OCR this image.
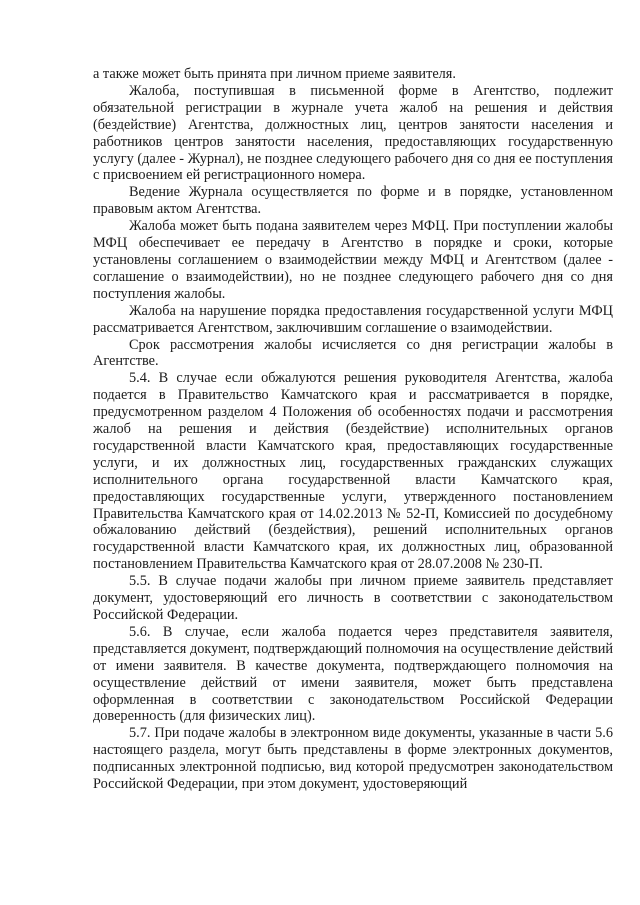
а также может быть принята при личном приеме заявителя.

Жалоба, поступившая в письменной форме в Агентство, подлежит обязательной регистрации в журнале учета жалоб на решения и действия (бездействие) Агентства, должностных лиц, центров занятости населения и работников центров занятости населения, предоставляющих государственную услугу (далее - Журнал), не позднее следующего рабочего дня со дня ее поступления с присвоением ей регистрационного номера.

Ведение Журнала осуществляется по форме и в порядке, установленном правовым актом Агентства.

Жалоба может быть подана заявителем через МФЦ. При поступлении жалобы МФЦ обеспечивает ее передачу в Агентство в порядке и сроки, которые установлены соглашением о взаимодействии между МФЦ и Агентством (далее - соглашение о взаимодействии), но не позднее следующего рабочего дня со дня поступления жалобы.

Жалоба на нарушение порядка предоставления государственной услуги МФЦ рассматривается Агентством, заключившим соглашение о взаимодействии.

Срок рассмотрения жалобы исчисляется со дня регистрации жалобы в Агентстве.

5.4. В случае если обжалуются решения руководителя Агентства, жалоба подается в Правительство Камчатского края и рассматривается в порядке, предусмотренном разделом 4 Положения об особенностях подачи и рассмотрения жалоб на решения и действия (бездействие) исполнительных органов государственной власти Камчатского края, предоставляющих государственные услуги, и их должностных лиц, государственных гражданских служащих исполнительного органа государственной власти Камчатского края, предоставляющих государственные услуги, утвержденного постановлением Правительства Камчатского края от 14.02.2013 № 52-П, Комиссией по досудебному обжалованию действий (бездействия), решений исполнительных органов государственной власти Камчатского края, их должностных лиц, образованной постановлением Правительства Камчатского края от 28.07.2008 № 230-П.

5.5. В случае подачи жалобы при личном приеме заявитель представляет документ, удостоверяющий его личность в соответствии с законодательством Российской Федерации.

5.6. В случае, если жалоба подается через представителя заявителя, представляется документ, подтверждающий полномочия на осуществление действий от имени заявителя. В качестве документа, подтверждающего полномочия на осуществление действий от имени заявителя, может быть представлена оформленная в соответствии с законодательством Российской Федерации доверенность (для физических лиц).

5.7. При подаче жалобы в электронном виде документы, указанные в части 5.6 настоящего раздела, могут быть представлены в форме электронных документов, подписанных электронной подписью, вид которой предусмотрен законодательством Российской Федерации, при этом документ, удостоверяющий
